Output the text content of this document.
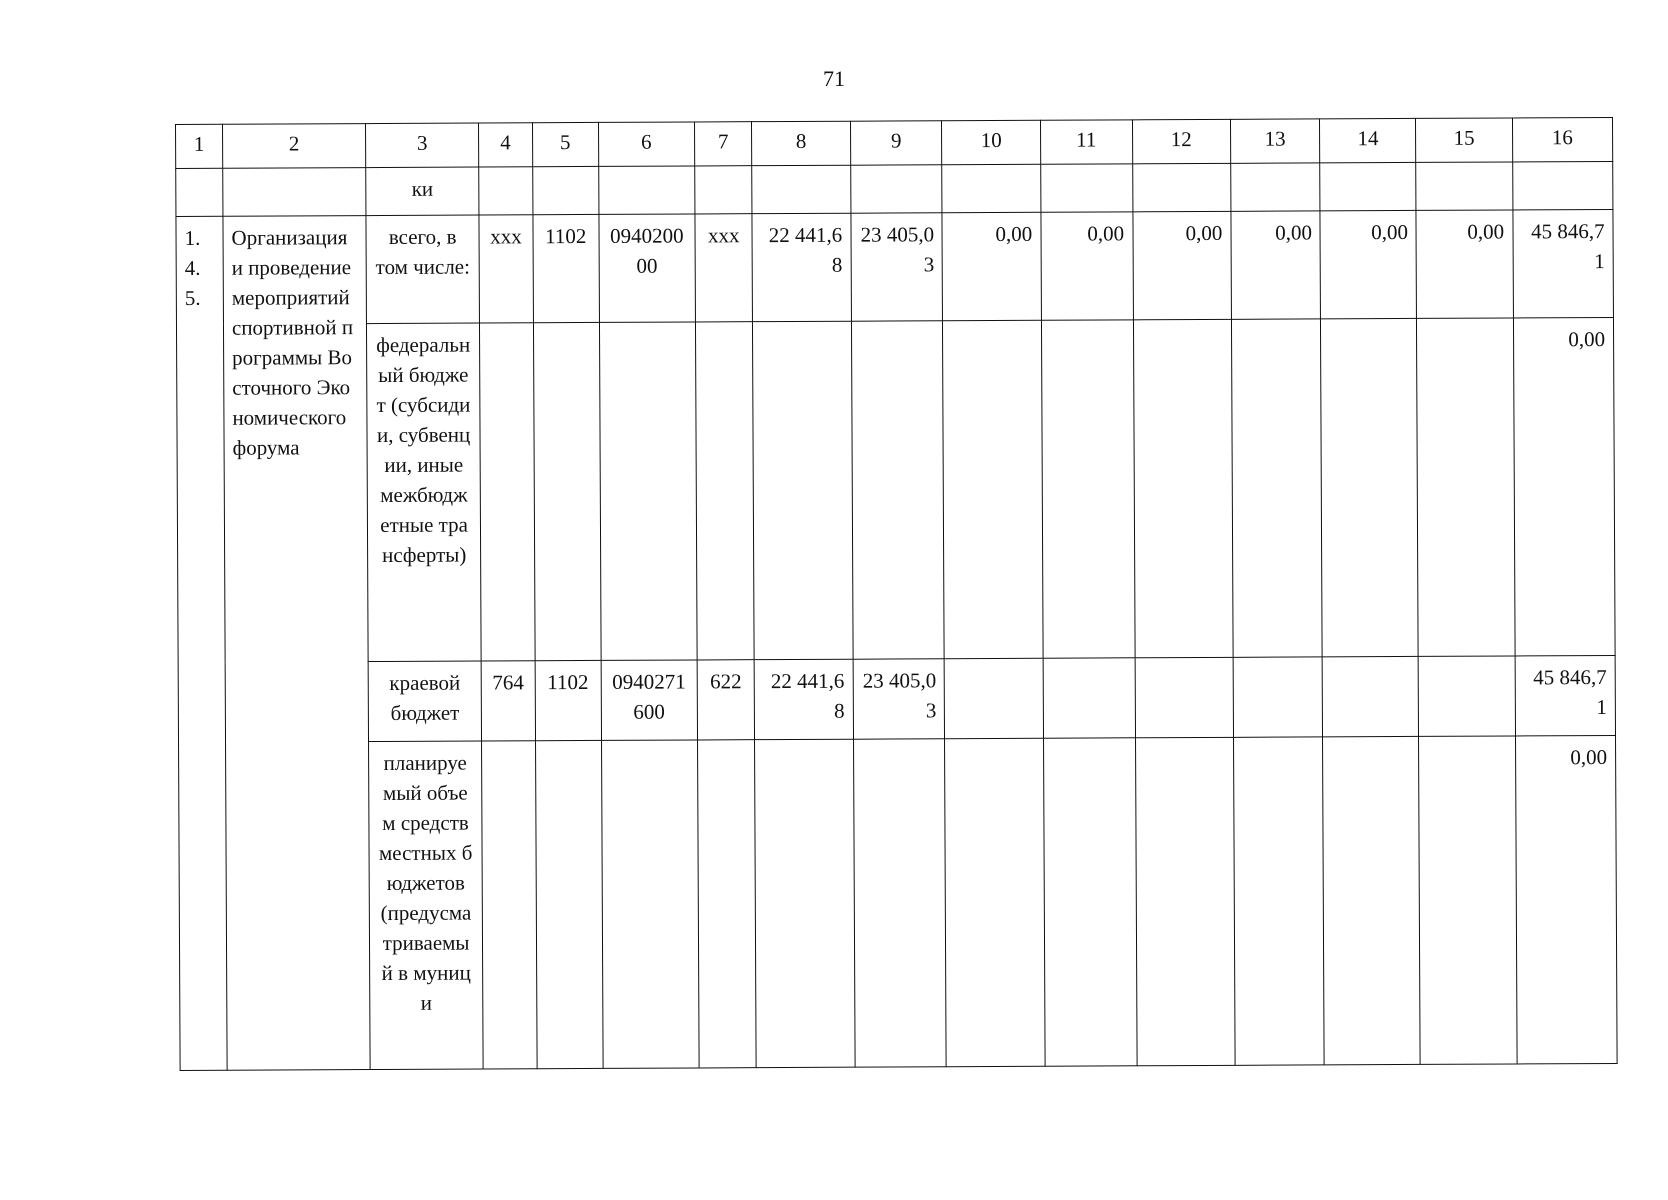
71
1	2	3	4	5	6	7	8	9	10	11	12	13	14	15	16
		ки													
1.4.5.	Организация и проведение мероприятий спортивной программы Восточного Экономического форума	всего, в том числе:	ххх	1102	094020000	ххх	22 441,68	23 405,03	0,00	0,00	0,00	0,00	0,00	0,00	45 846,71
		федеральный бюджет (субсидии, субвенции, иные межбюджетные трансферты)													0,00
		краевой бюджет	764	1102	0940271600	622	22 441,68	23 405,03							45 846,71
		планируемый объем средств местных бюджетов (предусматриваемый в муници													0,00
